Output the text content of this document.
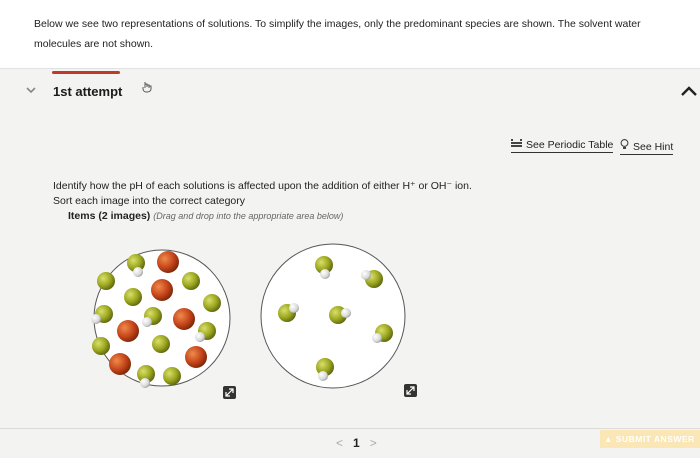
Below we see two representations of solutions. To simplify the images, only the predominant species are shown. The solvent water molecules are not shown.

1st attempt
See Periodic Table	See Hint
Identify how the pH of each solutions is affected upon the addition of either H⁺ or OH⁻ ion.
Sort each image into the correct category
Items (2 images) (Drag and drop into the appropriate area below)
< 1 >	▲ SUBMIT ANSWER
